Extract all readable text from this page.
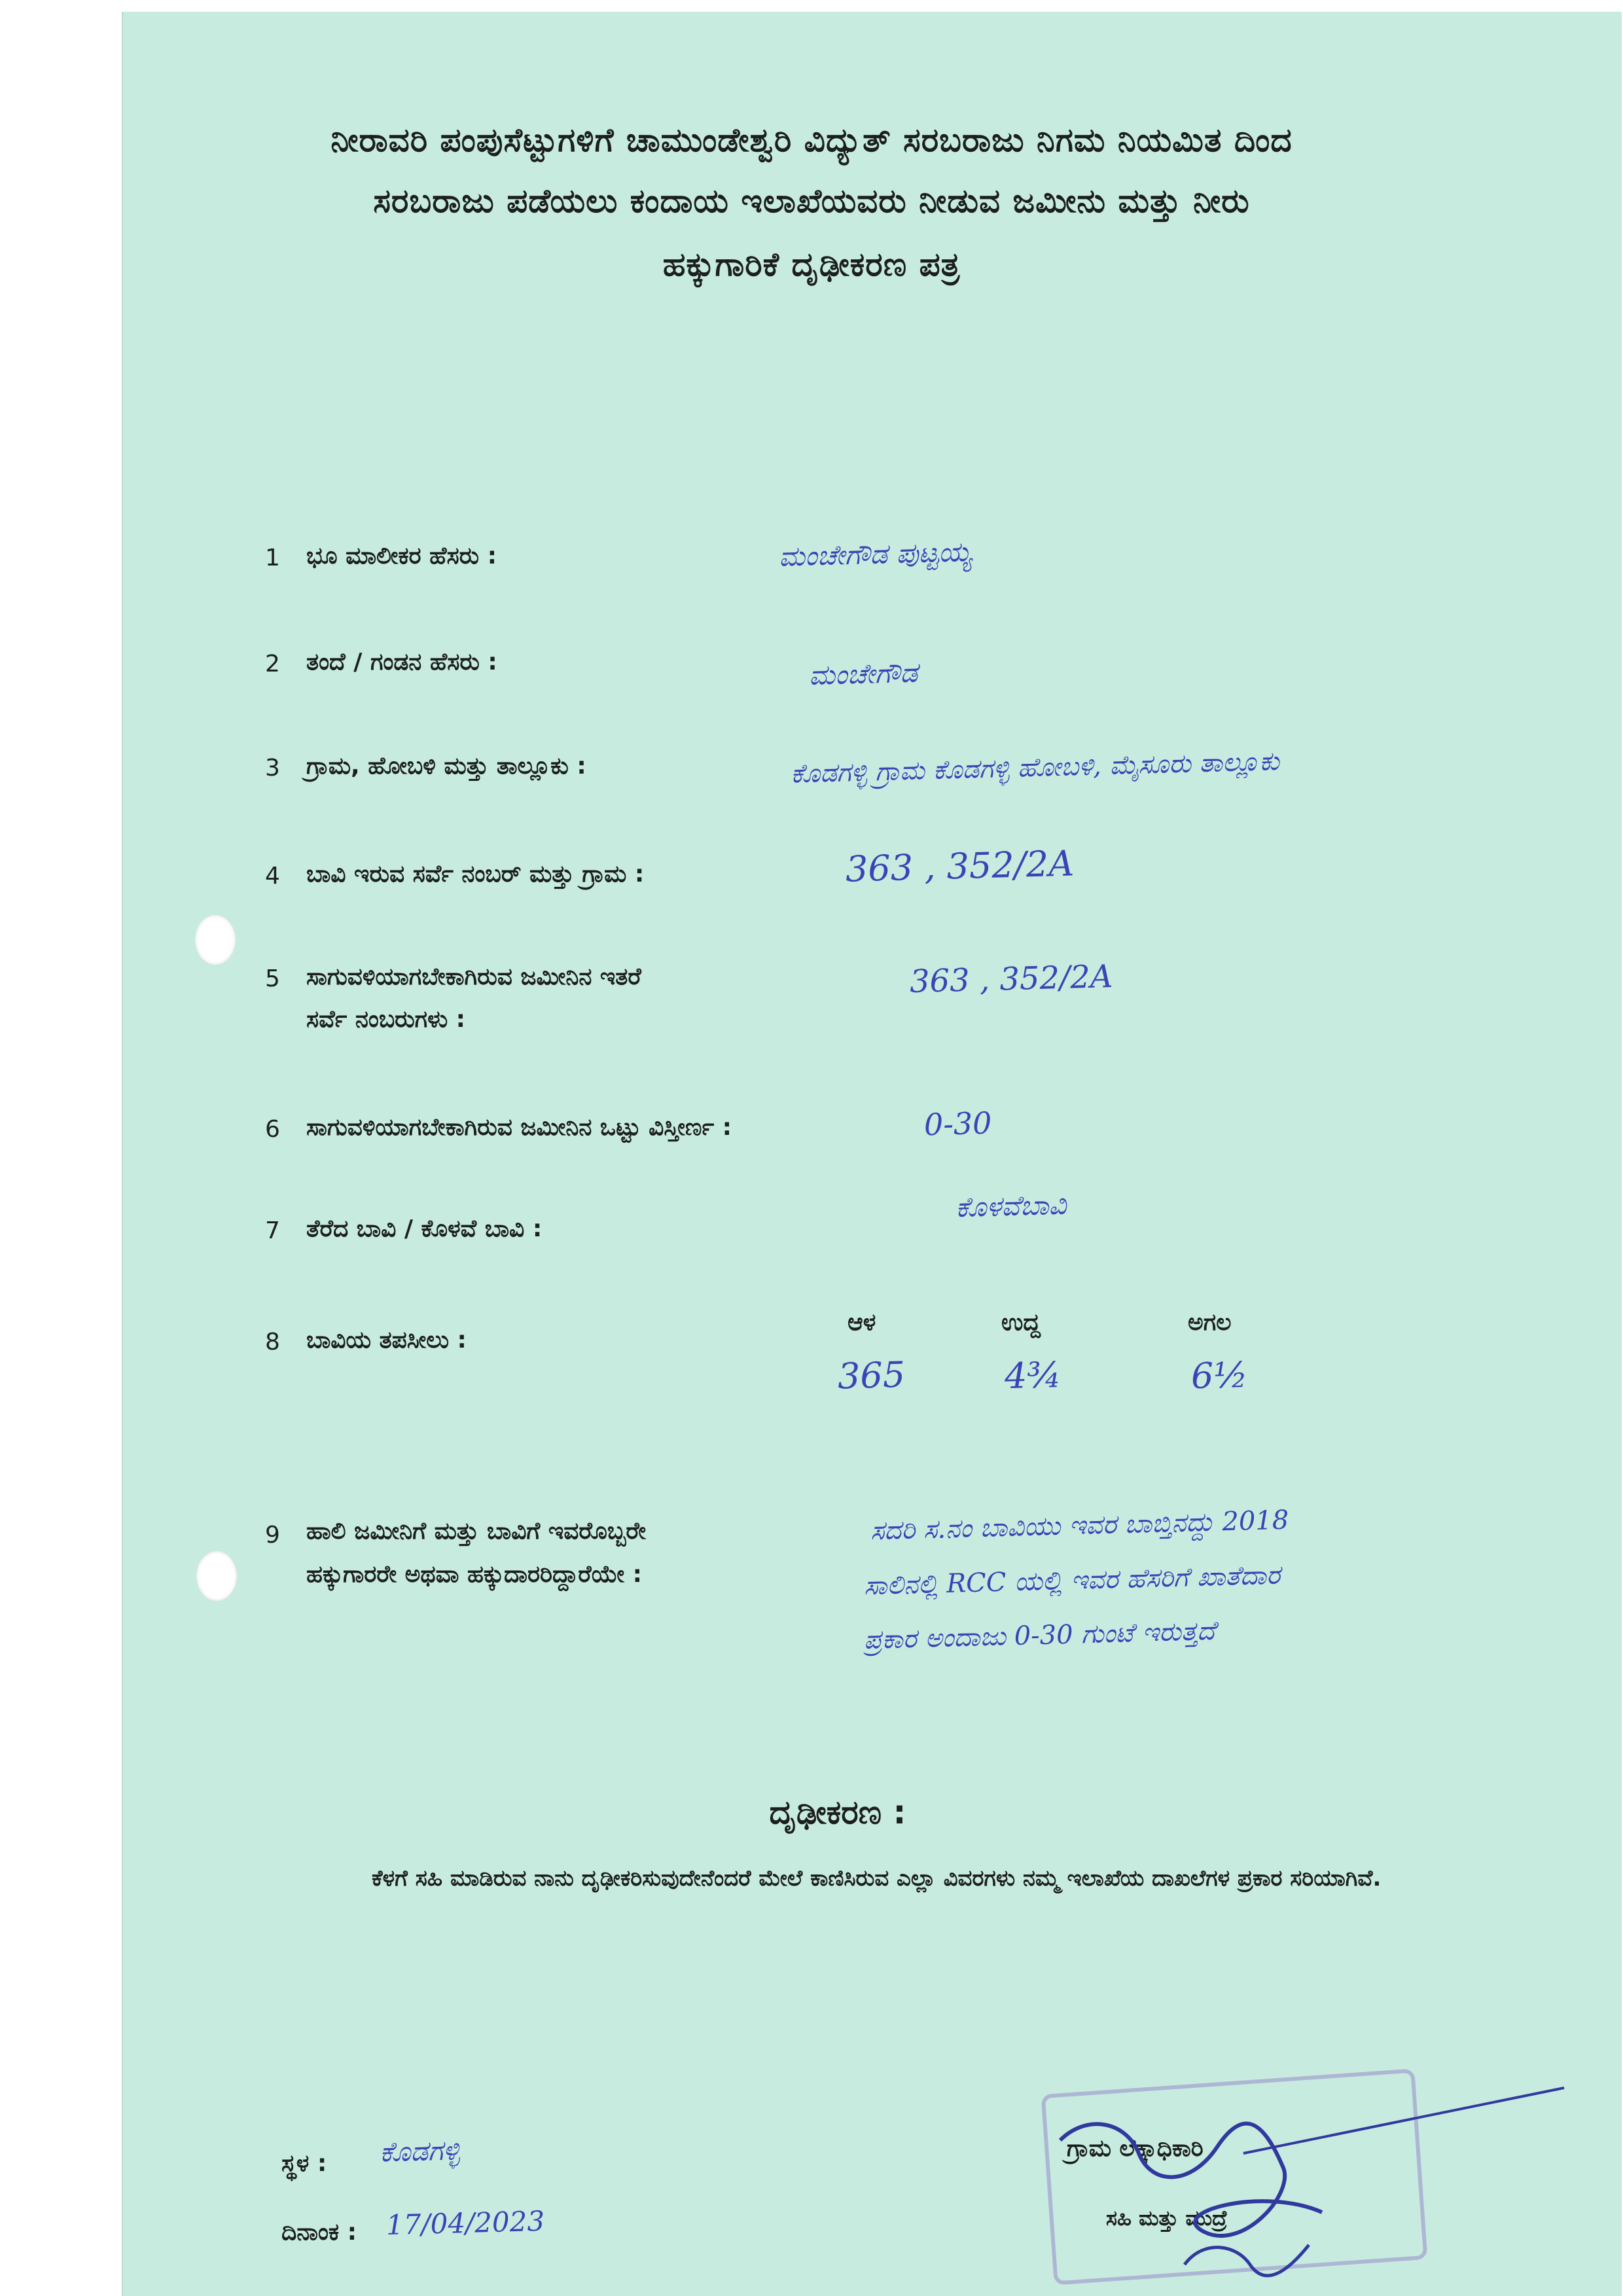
ನೀರಾವರಿ ಪಂಪುಸೆಟ್ಟುಗಳಿಗೆ ಚಾಮುಂಡೇಶ್ವರಿ ವಿದ್ಯುತ್ ಸರಬರಾಜು ನಿಗಮ ನಿಯಮಿತ ದಿಂದ
ಸರಬರಾಜು ಪಡೆಯಲು ಕಂದಾಯ ಇಲಾಖೆಯವರು ನೀಡುವ ಜಮೀನು ಮತ್ತು ನೀರು
ಹಕ್ಕುಗಾರಿಕೆ ದೃಢೀಕರಣ ಪತ್ರ
1 ಭೂ ಮಾಲೀಕರ ಹೆಸರು :	ಮಂಚೇಗೌಡ ಪುಟ್ಟಯ್ಯ
2 ತಂದೆ / ಗಂಡನ ಹೆಸರು :	ಮಂಚೇಗೌಡ
3 ಗ್ರಾಮ, ಹೋಬಳಿ ಮತ್ತು ತಾಲ್ಲೂಕು :	ಕೊಡಗಳ್ಳಿ ಗ್ರಾಮ ಕೊಡಗಳ್ಳಿ ಹೋಬಳಿ, ಮೈಸೂರು ತಾಲ್ಲೂಕು
4 ಬಾವಿ ಇರುವ ಸರ್ವೆ ನಂಬರ್ ಮತ್ತು ಗ್ರಾಮ :	363 , 352/2A
5 ಸಾಗುವಳಿಯಾಗಬೇಕಾಗಿರುವ ಜಮೀನಿನ ಇತರೆ
ಸರ್ವೆ ನಂಬರುಗಳು :
363 , 352/2A
6 ಸಾಗುವಳಿಯಾಗಬೇಕಾಗಿರುವ ಜಮೀನಿನ ಒಟ್ಟು ವಿಸ್ತೀರ್ಣ :	0-30
7 ತೆರೆದ ಬಾವಿ / ಕೊಳವೆ ಬಾವಿ :
ಕೊಳವೆಬಾವಿ
8 ಬಾವಿಯ ತಪಸೀಲು :
ಆಳ	ಉದ್ದ	ಅಗಲ
365	4¾	6½
9 ಹಾಲಿ ಜಮೀನಿಗೆ ಮತ್ತು ಬಾವಿಗೆ ಇವರೊಬ್ಬರೇ
ಹಕ್ಕುಗಾರರೇ ಅಥವಾ ಹಕ್ಕುದಾರರಿದ್ದಾರೆಯೇ :
ಸದರಿ ಸ.ನಂ ಬಾವಿಯು ಇವರ ಬಾಬ್ತಿನದ್ದು 2018
ಸಾಲಿನಲ್ಲಿ RCC ಯಲ್ಲಿ ಇವರ ಹೆಸರಿಗೆ ಖಾತೆದಾರ
ಪ್ರಕಾರ ಅಂದಾಜು 0-30 ಗುಂಟೆ ಇರುತ್ತದೆ
ದೃಢೀಕರಣ :
ಕೆಳಗೆ ಸಹಿ ಮಾಡಿರುವ ನಾನು ದೃಢೀಕರಿಸುವುದೇನೆಂದರೆ ಮೇಲೆ ಕಾಣಿಸಿರುವ ಎಲ್ಲಾ ವಿವರಗಳು ನಮ್ಮ ಇಲಾಖೆಯ ದಾಖಲೆಗಳ ಪ್ರಕಾರ ಸರಿಯಾಗಿವೆ.
ಸ್ಥಳ : ಕೊಡಗಳ್ಳಿ
ದಿನಾಂಕ : 17/04/2023
ಗ್ರಾಮ ಲೆಕ್ಕಾಧಿಕಾರಿ
ಸಹಿ ಮತ್ತು ಮುದ್ರೆ
